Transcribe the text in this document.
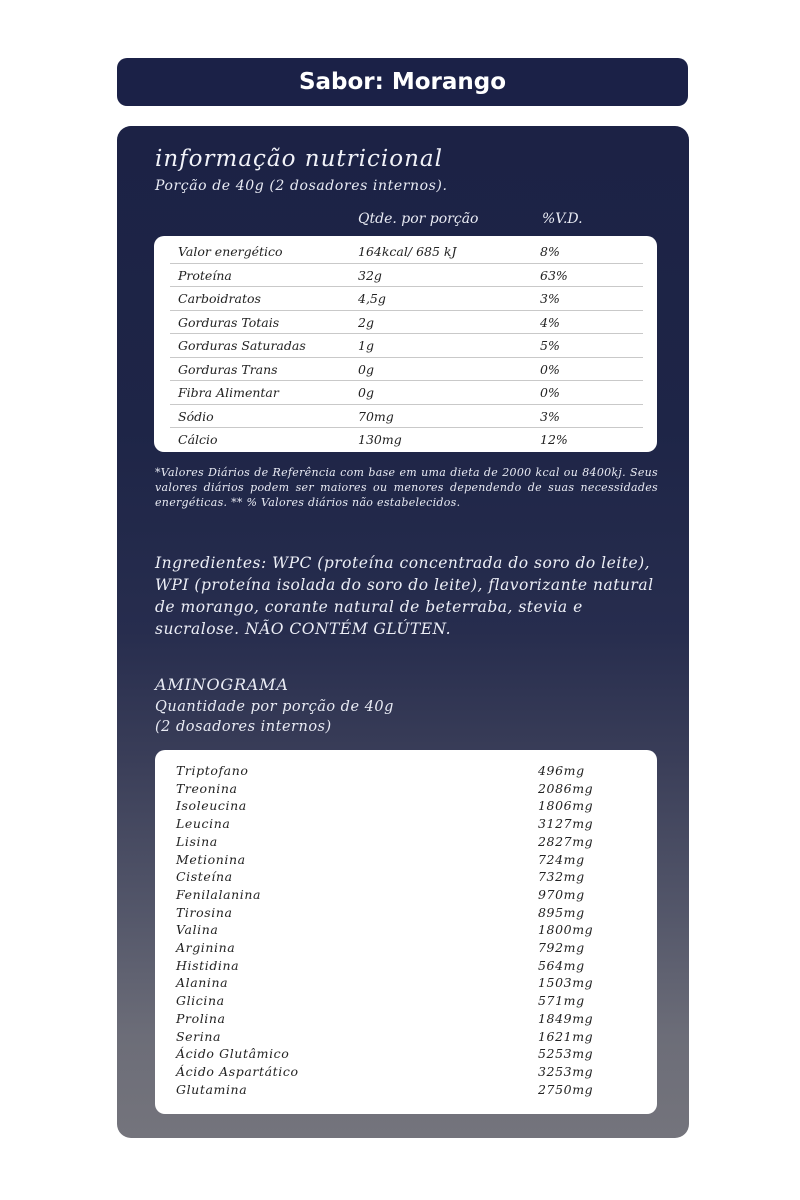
Sabor: Morango
informação nutricional
Porção de 40g (2 dosadores internos).
Qtde. por porção	%V.D.
Valor energético	164kcal/ 685 kJ	8%
Proteína	32g	63%
Carboidratos	4,5g	3%
Gorduras Totais	2g	4%
Gorduras Saturadas	1g	5%
Gorduras Trans	0g	0%
Fibra Alimentar	0g	0%
Sódio	70mg	3%
Cálcio	130mg	12%
*Valores Diários de Referência com base em uma dieta de 2000 kcal ou 8400kj. Seus valores diários podem ser maiores ou menores dependendo de suas necessidades energéticas. ** % Valores diários não estabelecidos.
Ingredientes: WPC (proteína concentrada do soro do leite), WPI (proteína isolada do soro do leite), flavorizante natural de morango, corante natural de beterraba, stevia e sucralose. NÃO CONTÉM GLÚTEN.
AMINOGRAMA
Quantidade por porção de 40g
(2 dosadores internos)
Triptofano	496mg
Treonina	2086mg
Isoleucina	1806mg
Leucina	3127mg
Lisina	2827mg
Metionina	724mg
Cisteína	732mg
Fenilalanina	970mg
Tirosina	895mg
Valina	1800mg
Arginina	792mg
Histidina	564mg
Alanina	1503mg
Glicina	571mg
Prolina	1849mg
Serina	1621mg
Ácido Glutâmico	5253mg
Ácido Aspartático	3253mg
Glutamina	2750mg
